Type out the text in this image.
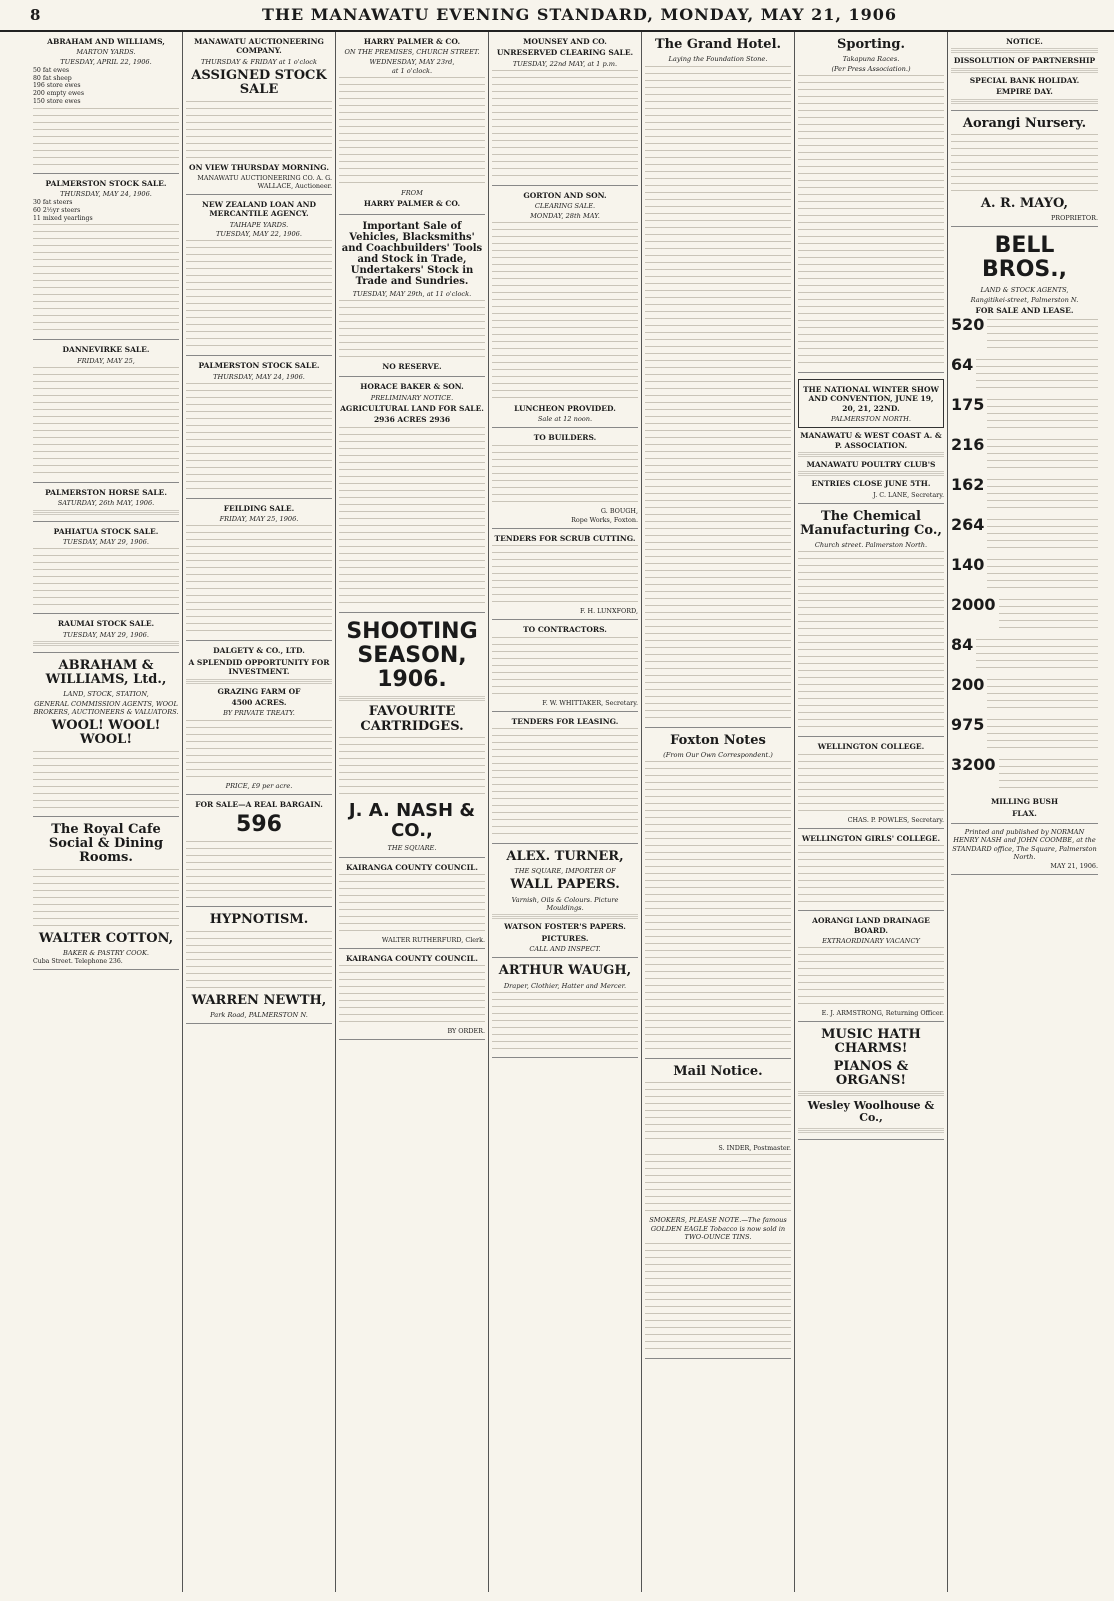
8	THE MANAWATU EVENING STANDARD, MONDAY, MAY 21, 1906
ABRAHAM AND WILLIAMS,
MARTON YARDS.
TUESDAY, APRIL 22, 1906.
50 fat ewes
80 fat sheep
196 store ewes
200 empty ewes
150 store ewes
PALMERSTON STOCK SALE.
THURSDAY, MAY 24, 1906.
30 fat steers
60 2½yr steers
11 mixed yearlings
DANNEVIRKE SALE.
FRIDAY, MAY 25,
PALMERSTON HORSE SALE.
SATURDAY, 26th MAY, 1906.
PAHIATUA STOCK SALE.
TUESDAY, MAY 29, 1906.
RAUMAI STOCK SALE.
TUESDAY, MAY 29, 1906.
ABRAHAM & WILLIAMS, Ltd.,
LAND, STOCK, STATION,
GENERAL COMMISSION AGENTS, WOOL BROKERS, AUCTIONEERS & VALUATORS.
WOOL! WOOL! WOOL!
The Royal Cafe Social & Dining Rooms.
WALTER COTTON,
BAKER & PASTRY COOK.
Cuba Street. Telephone 236.
MANAWATU AUCTIONEERING COMPANY.
THURSDAY & FRIDAY at 1 o'clock
ASSIGNED STOCK SALE
ON VIEW THURSDAY MORNING.
MANAWATU AUCTIONEERING CO. A. G. WALLACE, Auctioneer.
NEW ZEALAND LOAN AND MERCANTILE AGENCY.
TAIHAPE YARDS.
TUESDAY, MAY 22, 1906.
PALMERSTON STOCK SALE.
THURSDAY, MAY 24, 1906.
FEILDING SALE.
FRIDAY, MAY 25, 1906.
DALGETY & CO., LTD.
A SPLENDID OPPORTUNITY FOR INVESTMENT.
GRAZING FARM OF
4500 ACRES.
BY PRIVATE TREATY.
PRICE, £9 per acre.
FOR SALE—A REAL BARGAIN.
596
HYPNOTISM.
WARREN NEWTH,
Park Road, PALMERSTON N.
HARRY PALMER & CO.
ON THE PREMISES, CHURCH STREET.
WEDNESDAY, MAY 23rd,
at 1 o'clock.
FROM
HARRY PALMER & CO.
Important Sale of Vehicles, Blacksmiths' and Coachbuilders' Tools and Stock in Trade, Undertakers' Stock in Trade and Sundries.
TUESDAY, MAY 29th, at 11 o'clock.
NO RESERVE.
HORACE BAKER & SON.
PRELIMINARY NOTICE.
AGRICULTURAL LAND FOR SALE.
2936 ACRES 2936
SHOOTING SEASON, 1906.
FAVOURITE CARTRIDGES.
J. A. NASH & CO.,
THE SQUARE.
KAIRANGA COUNTY COUNCIL.
WALTER RUTHERFURD, Clerk.
KAIRANGA COUNTY COUNCIL.
BY ORDER.
MOUNSEY AND CO.
UNRESERVED CLEARING SALE.
TUESDAY, 22nd MAY, at 1 p.m.
GORTON AND SON.
CLEARING SALE.
MONDAY, 28th MAY.
LUNCHEON PROVIDED.
Sale at 12 noon.
TO BUILDERS.
G. BOUGH,
Rope Works, Foxton.
TENDERS FOR SCRUB CUTTING.
F. H. LUNXFORD,
TO CONTRACTORS.
F. W. WHITTAKER, Secretary.
TENDERS FOR LEASING.
ALEX. TURNER,
THE SQUARE, IMPORTER OF
WALL PAPERS.
Varnish, Oils & Colours. Picture Mouldings.
WATSON FOSTER'S PAPERS.
PICTURES.
CALL AND INSPECT.
ARTHUR WAUGH,
Draper, Clothier, Hatter and Mercer.
The Grand Hotel.
Laying the Foundation Stone.
Foxton Notes
(From Our Own Correspondent.)
Mail Notice.
S. INDER, Postmaster.
SMOKERS, PLEASE NOTE.—The famous GOLDEN EAGLE Tobacco is now sold in TWO-OUNCE TINS.
Sporting.
Takapuna Races.
(Per Press Association.)
THE NATIONAL WINTER SHOW AND CONVENTION, JUNE 19, 20, 21, 22ND.
PALMERSTON NORTH.
MANAWATU & WEST COAST A. & P. ASSOCIATION.
MANAWATU POULTRY CLUB'S
ENTRIES CLOSE JUNE 5TH.
J. C. LANE, Secretary.
The Chemical Manufacturing Co.,
Church street. Palmerston North.
WELLINGTON COLLEGE.
CHAS. P. POWLES, Secretary.
WELLINGTON GIRLS' COLLEGE.
AORANGI LAND DRAINAGE BOARD.
EXTRAORDINARY VACANCY
E. J. ARMSTRONG, Returning Officer.
MUSIC HATH CHARMS!
PIANOS & ORGANS!
Wesley Woolhouse & Co.,
NOTICE.
DISSOLUTION OF PARTNERSHIP
SPECIAL BANK HOLIDAY.
EMPIRE DAY.
Aorangi Nursery.
A. R. MAYO,
PROPRIETOR.
BELL BROS.,
LAND & STOCK AGENTS,
Rangitikei-street, Palmerston N.
FOR SALE AND LEASE.
520
64
175
216
162
264
140
2000
84
200
975
3200
MILLING BUSH
FLAX.
Printed and published by NORMAN HENRY NASH and JOHN COOMBE, at the STANDARD office, The Square, Palmerston North.
MAY 21, 1906.
